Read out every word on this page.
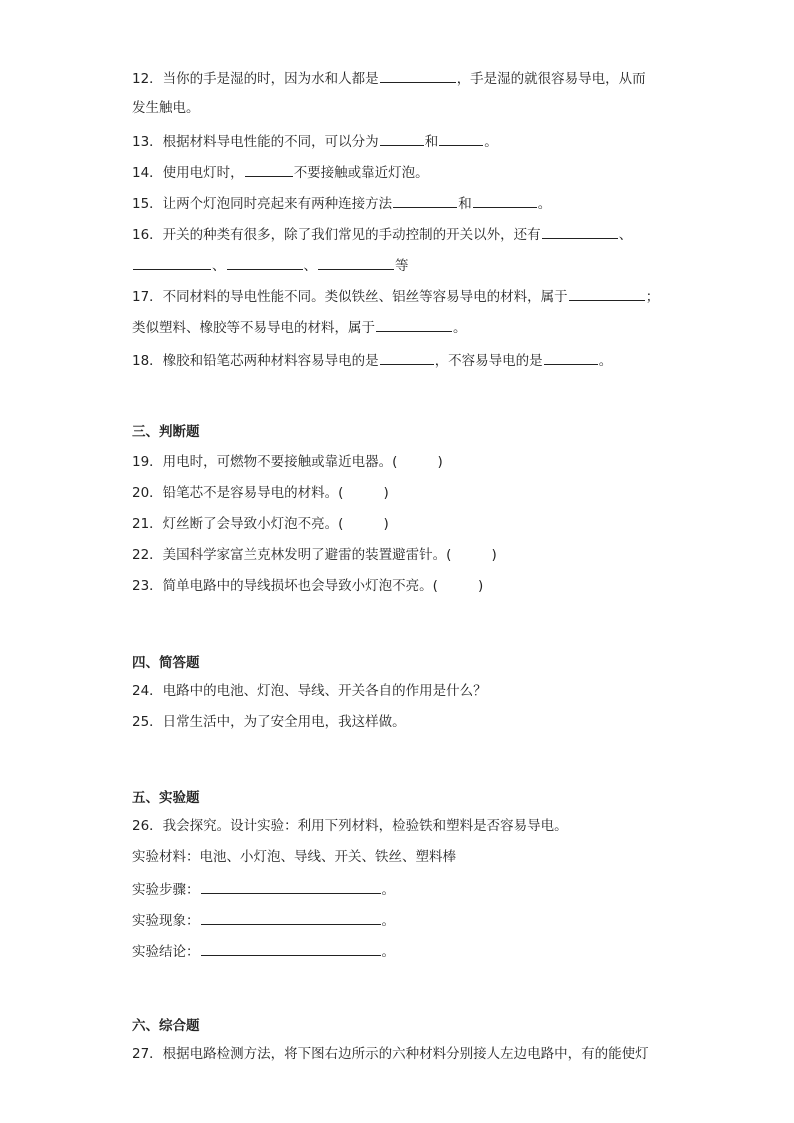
12．当你的手是湿的时，因为水和人都是	，手是湿的就很容易导电，从而
发生触电。
13．根据材料导电性能的不同，可以分为	和	。
14．使用电灯时，	不要接触或靠近灯泡。
15．让两个灯泡同时亮起来有两种连接方法	和	。
16．开关的种类有很多，除了我们常见的手动控制的开关以外，还有	、
、	、	等
17．不同材料的导电性能不同。类似铁丝、铝丝等容易导电的材料，属于	；
类似塑料、橡胶等不易导电的材料，属于	。
18．橡胶和铅笔芯两种材料容易导电的是	，不容易导电的是	。
三、判断题
19．用电时，可燃物不要接触或靠近电器。(	)
20．铅笔芯不是容易导电的材料。(	)
21．灯丝断了会导致小灯泡不亮。(	)
22．美国科学家富兰克林发明了避雷的装置避雷针。(	)
23．简单电路中的导线损坏也会导致小灯泡不亮。(	)
四、简答题
24．电路中的电池、灯泡、导线、开关各自的作用是什么？
25．日常生活中，为了安全用电，我这样做。
五、实验题
26．我会探究。设计实验：利用下列材料，检验铁和塑料是否容易导电。
实验材料：电池、小灯泡、导线、开关、铁丝、塑料棒
实验步骤：	。
实验现象：	。
实验结论：	。
六、综合题
27．根据电路检测方法，将下图右边所示的六种材料分别接人左边电路中，有的能使灯
